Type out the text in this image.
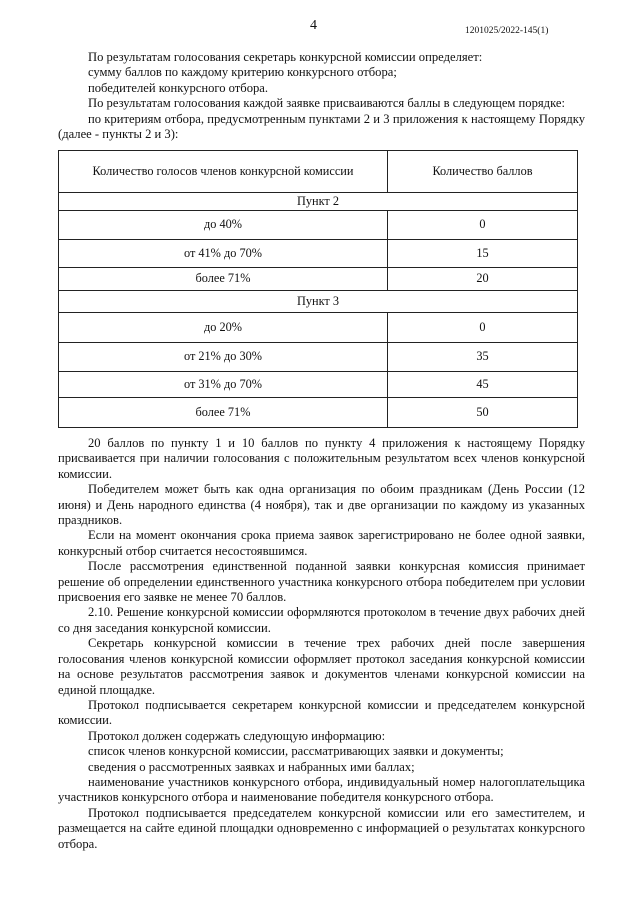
4	1201025/2022-145(1)

По результатам голосования секретарь конкурсной комиссии определяет:

сумму баллов по каждому критерию конкурсного отбора;

победителей конкурсного отбора.

По результатам голосования каждой заявке присваиваются баллы в следующем порядке:

по критериям отбора, предусмотренным пунктами 2 и 3 приложения к настоящему Порядку (далее - пункты 2 и 3):

Количество голосов членов конкурсной комиссии	Количество баллов
Пункт 2	
до 40%	0
от 41% до 70%	15
более 71%	20
Пункт 3	
до 20%	0
от 21% до 30%	35
от 31% до 70%	45
более 71%	50

20 баллов по пункту 1 и 10 баллов по пункту 4 приложения к настоящему Порядку присваивается при наличии голосования с положительным результатом всех членов конкурсной комиссии.

Победителем может быть как одна организация по обоим праздникам (День России (12 июня) и День народного единства (4 ноября), так и две организации по каждому из указанных праздников.

Если на момент окончания срока приема заявок зарегистрировано не более одной заявки, конкурсный отбор считается несостоявшимся.

После рассмотрения единственной поданной заявки конкурсная комиссия принимает решение об определении единственного участника конкурсного отбора победителем при условии присвоения его заявке не менее 70 баллов.

2.10. Решение конкурсной комиссии оформляются протоколом в течение двух рабочих дней со дня заседания конкурсной комиссии.

Секретарь конкурсной комиссии в течение трех рабочих дней после завершения голосования членов конкурсной комиссии оформляет протокол заседания конкурсной комиссии на основе результатов рассмотрения заявок и документов членами конкурсной комиссии на единой площадке.

Протокол подписывается секретарем конкурсной комиссии и председателем конкурсной комиссии.

Протокол должен содержать следующую информацию:

список членов конкурсной комиссии, рассматривающих заявки и документы;

сведения о рассмотренных заявках и набранных ими баллах;

наименование участников конкурсного отбора, индивидуальный номер налогоплательщика участников конкурсного отбора и наименование победителя конкурсного отбора.

Протокол подписывается председателем конкурсной комиссии или его заместителем, и размещается на сайте единой площадки одновременно с информацией о результатах конкурсного отбора.
